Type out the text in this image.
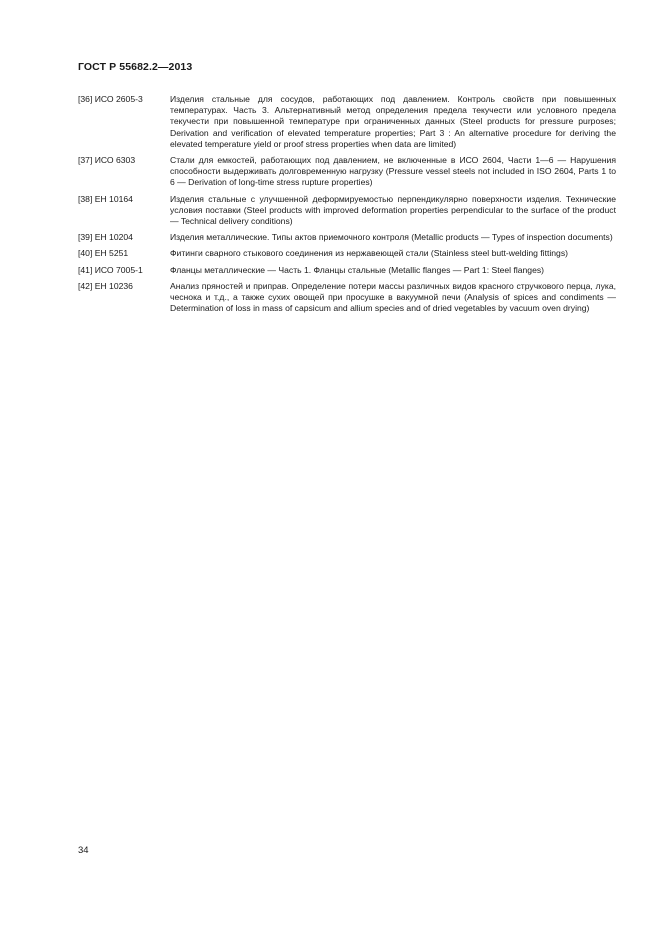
ГОСТ Р 55682.2—2013
[36] ИСО 2605-3	Изделия стальные для сосудов, работающих под давлением. Контроль свойств при повышенных температурах. Часть 3. Альтернативный метод определения предела текучести или условного предела текучести при повышенной температуре при ограниченных данных (Steel products for pressure purposes; Derivation and verification of elevated temperature properties; Part 3 : An alternative procedure for deriving the elevated temperature yield or proof stress properties when data are limited)
[37] ИСО 6303	Стали для емкостей, работающих под давлением, не включенные в ИСО 2604, Части 1—6 — Нарушения способности выдерживать долговременную нагрузку (Pressure vessel steels not included in ISO 2604, Parts 1 to 6 — Derivation of long-time stress rupture properties)
[38] ЕН 10164	Изделия стальные с улучшенной деформируемостью перпендикулярно поверхности изделия. Технические условия поставки (Steel products with improved deformation properties perpendicular to the surface of the product — Technical delivery conditions)
[39] ЕН 10204	Изделия металлические. Типы актов приемочного контроля (Metallic products — Types of inspection documents)
[40] ЕН 5251	Фитинги сварного стыкового соединения из нержавеющей стали (Stainless steel butt-welding fittings)
[41] ИСО 7005-1	Фланцы металлические — Часть 1. Фланцы стальные (Metallic flanges — Part 1: Steel flanges)
[42] ЕН 10236	Анализ пряностей и приправ. Определение потери массы различных видов красного стручкового перца, лука, чеснока и т.д., а также сухих овощей при просушке в вакуумной печи (Analysis of spices and condiments — Determination of loss in mass of capsicum and allium species and of dried vegetables by vacuum oven drying)
34
